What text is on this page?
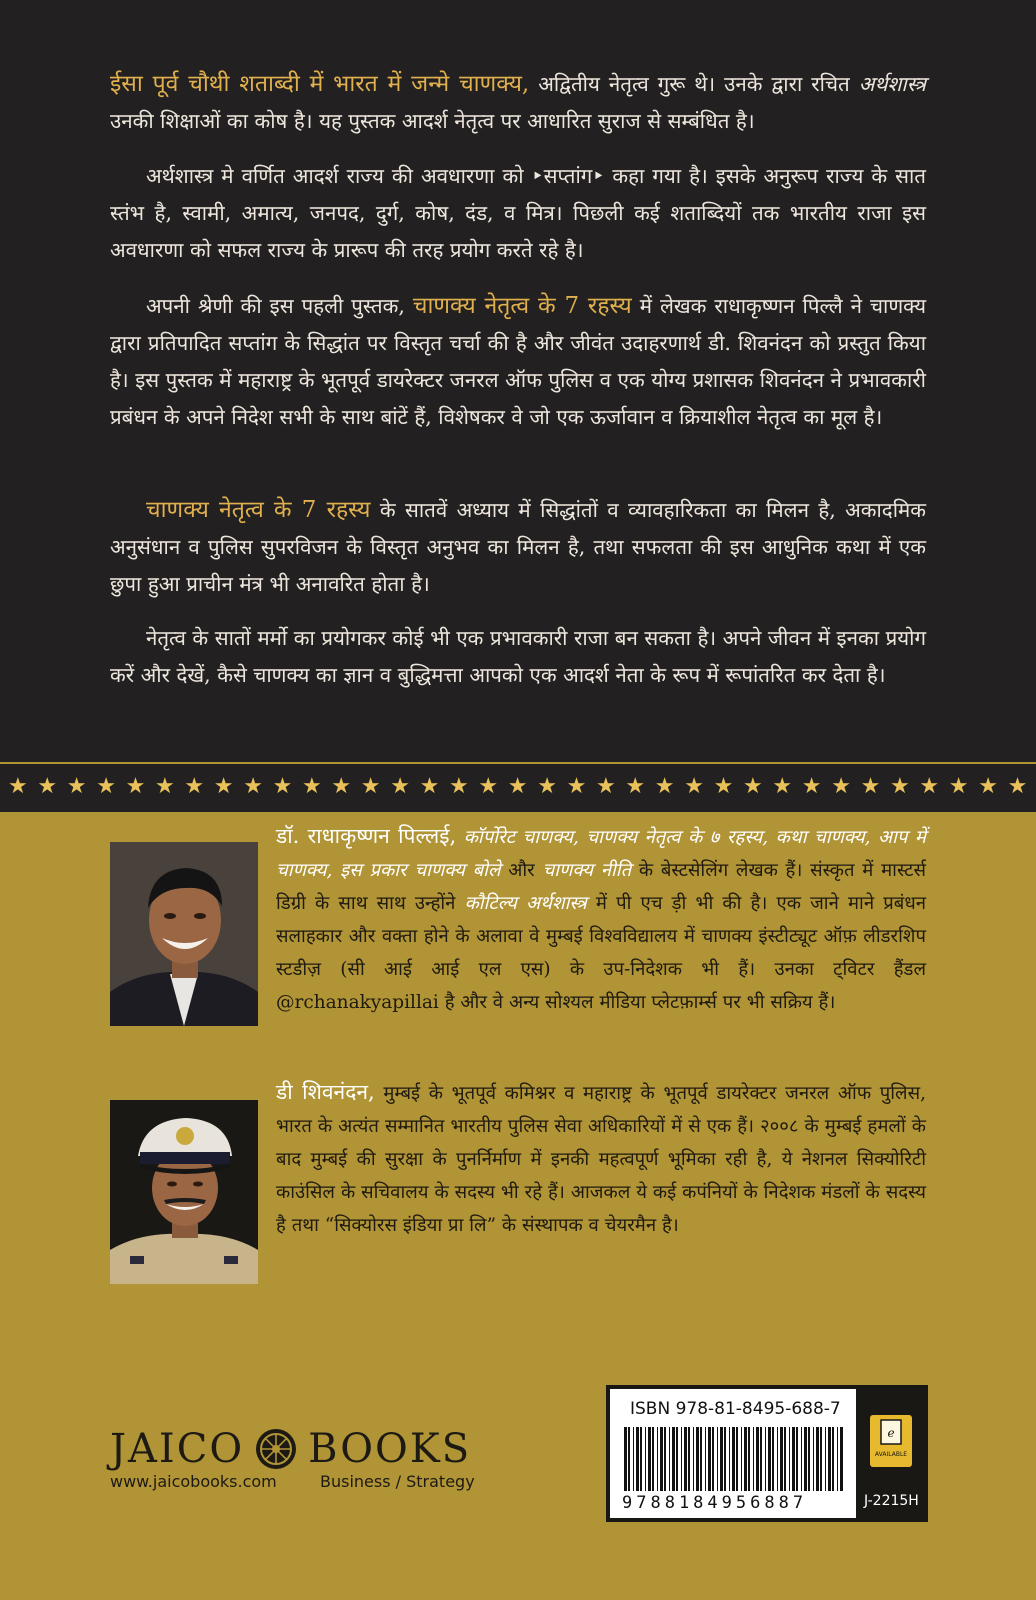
ईसा पूर्व चौथी शताब्दी में भारत में जन्मे चाणक्य, अद्वितीय नेतृत्व गुरू थे। उनके द्वारा रचित अर्थशास्त्र उनकी शिक्षाओं का कोष है। यह पुस्तक आदर्श नेतृत्व पर आधारित सुराज से सम्बंधित है।

अर्थशास्त्र मे वर्णित आदर्श राज्य की अवधारणा को ‣सप्तांग‣ कहा गया है। इसके अनुरूप राज्य के सात स्तंभ है, स्वामी, अमात्य, जनपद, दुर्ग, कोष, दंड, व मित्र। पिछली कई शताब्दियों तक भारतीय राजा इस अवधारणा को सफल राज्य के प्रारूप की तरह प्रयोग करते रहे है।

अपनी श्रेणी की इस पहली पुस्तक, चाणक्य नेतृत्व के 7 रहस्य में लेखक राधाकृष्णन पिल्लै ने चाणक्य द्वारा प्रतिपादित सप्तांग के सिद्धांत पर विस्तृत चर्चा की है और जीवंत उदाहरणार्थ डी. शिवनंदन को प्रस्तुत किया है। इस पुस्तक में महाराष्ट्र के भूतपूर्व डायरेक्टर जनरल ऑफ पुलिस व एक योग्य प्रशासक शिवनंदन ने प्रभावकारी प्रबंधन के अपने निदेश सभी के साथ बांटें हैं, विशेषकर वे जो एक ऊर्जावान व क्रियाशील नेतृत्व का मूल है।

चाणक्य नेतृत्व के 7 रहस्य के सातवें अध्याय में सिद्धांतों व व्यावहारिकता का मिलन है, अकादमिक अनुसंधान व पुलिस सुपरविजन के विस्तृत अनुभव का मिलन है, तथा सफलता की इस आधुनिक कथा में एक छुपा हुआ प्राचीन मंत्र भी अनावरित होता है।

नेतृत्व के सातों मर्मो का प्रयोगकर कोई भी एक प्रभावकारी राजा बन सकता है। अपने जीवन में इनका प्रयोग करें और देखें, कैसे चाणक्य का ज्ञान व बुद्धिमत्ता आपको एक आदर्श नेता के रूप में रूपांतरित कर देता है।

★ ★ ★ ★ ★ ★ ★ ★ ★ ★ ★ ★ ★ ★ ★ ★ ★ ★ ★ ★ ★ ★ ★ ★ ★ ★ ★ ★ ★ ★ ★ ★ ★ ★ ★

डॉ. राधाकृष्णन पिल्लई, कॉर्पोरेट चाणक्य, चाणक्य नेतृत्व के ७ रहस्य, कथा चाणक्य, आप में चाणक्य, इस प्रकार चाणक्य बोले और चाणक्य नीति के बेस्टसेलिंग लेखक हैं। संस्कृत में मास्टर्स डिग्री के साथ साथ उन्होंने कौटिल्य अर्थशास्त्र में पी एच ड़ी भी की है। एक जाने माने प्रबंधन सलाहकार और वक्ता होने के अलावा वे मुम्बई विश्वविद्यालय में चाणक्य इंस्टीट्यूट ऑफ़ लीडरशिप स्टडीज़ (सी आई आई एल एस) के उप-निदेशक भी हैं। उनका ट्विटर हैंडल @rchanakyapillai है और वे अन्य सोश्यल मीडिया प्लेटफ़ार्म्स पर भी सक्रिय हैं।

डी शिवनंदन, मुम्बई के भूतपूर्व कमिश्नर व महाराष्ट्र के भूतपूर्व डायरेक्टर जनरल ऑफ पुलिस, भारत के अत्यंत सम्मानित भारतीय पुलिस सेवा अधिकारियों में से एक हैं। २००८ के मुम्बई हमलों के बाद मुम्बई की सुरक्षा के पुनर्निर्माण में इनकी महत्वपूर्ण भूमिका रही है, ये नेशनल सिक्योरिटी काउंसिल के सचिवालय के सदस्य भी रहे हैं। आजकल ये कई कपंनियों के निदेशक मंडलों के सदस्य है तथा “सिक्योरस इंडिया प्रा लि” के संस्थापक व चेयरमैन है।

JAICO BOOKS
www.jaicobooks.com	Business / Strategy
ISBN 978-81-8495-688-7
9788184956887
e
AVAILABLE
J-2215H
